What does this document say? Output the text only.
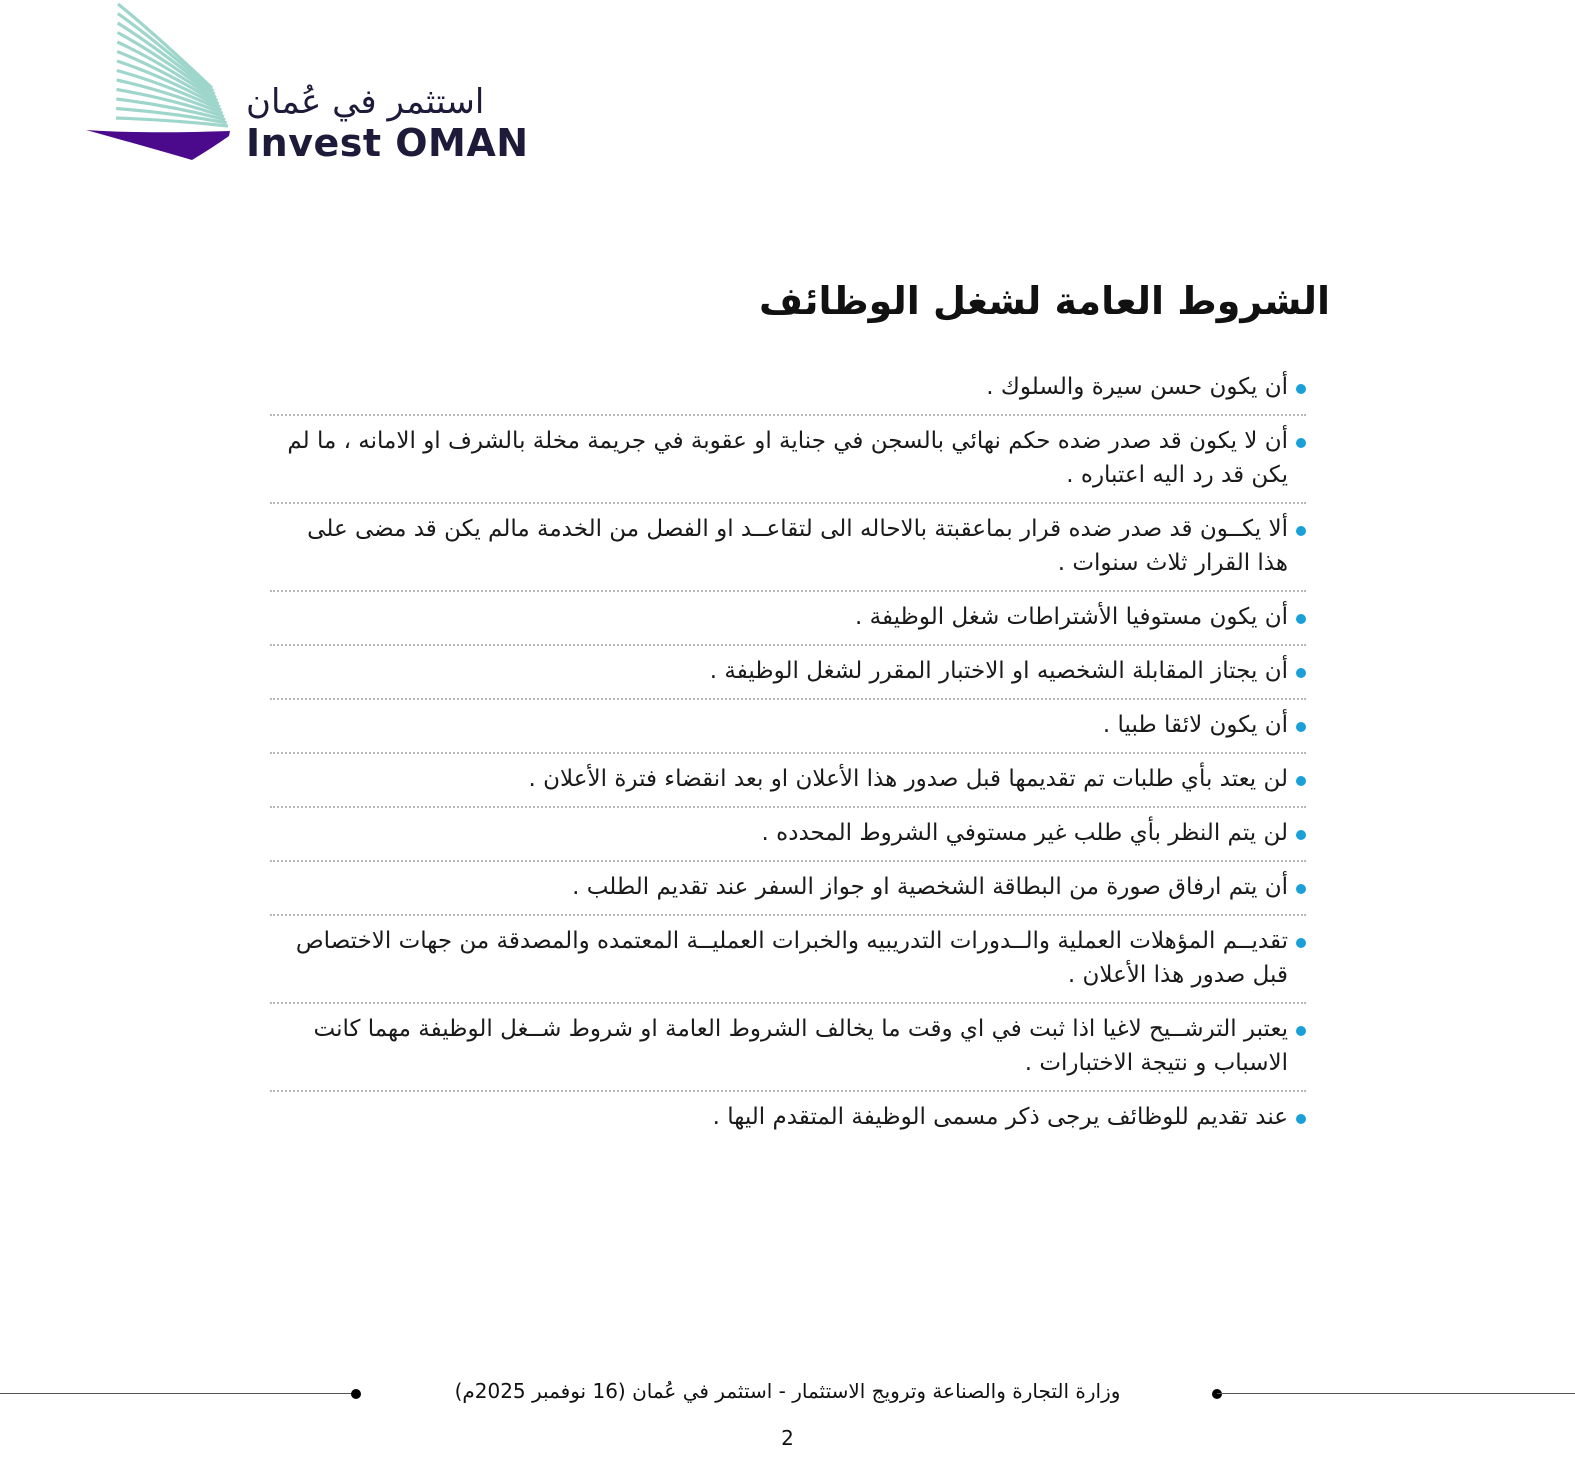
استثمر في عُمان
Invest OMAN
الشروط العامة لشغل الوظائف
أن يكون حسن سيرة والسلوك .
أن لا يكون قد صدر ضده حكم نهائي بالسجن في جناية او عقوبة في جريمة مخلة بالشرف او الامانه ، ما لم يكن قد رد اليه اعتباره .
ألا يكــون قد صدر ضده قرار بماعقبتة بالاحاله الى لتقاعــد او الفصل من الخدمة مالم يكن قد مضى على هذا القرار ثلاث سنوات .
أن يكون مستوفيا الأشتراطات شغل الوظيفة .
أن يجتاز المقابلة الشخصيه او الاختبار المقرر لشغل الوظيفة .
أن يكون لائقا طبيا .
لن يعتد بأي طلبات تم تقديمها قبل صدور هذا الأعلان او بعد انقضاء فترة الأعلان .
لن يتم النظر بأي طلب غير مستوفي الشروط المحدده .
أن يتم ارفاق صورة من البطاقة الشخصية او جواز السفر عند تقديم الطلب .
تقديــم المؤهلات العملية والــدورات التدريبيه والخبرات العمليــة المعتمده والمصدقة من جهات الاختصاص قبل صدور هذا الأعلان .
يعتبر الترشــيح لاغيا اذا ثبت في اي وقت ما يخالف الشروط العامة او شروط شــغل الوظيفة مهما كانت الاسباب و نتيجة الاختبارات .
عند تقديم للوظائف يرجى ذكر مسمى الوظيفة المتقدم اليها .
وزارة التجارة والصناعة وترويج الاستثمار - استثمر في عُمان (16 نوفمبر 2025م)
2
